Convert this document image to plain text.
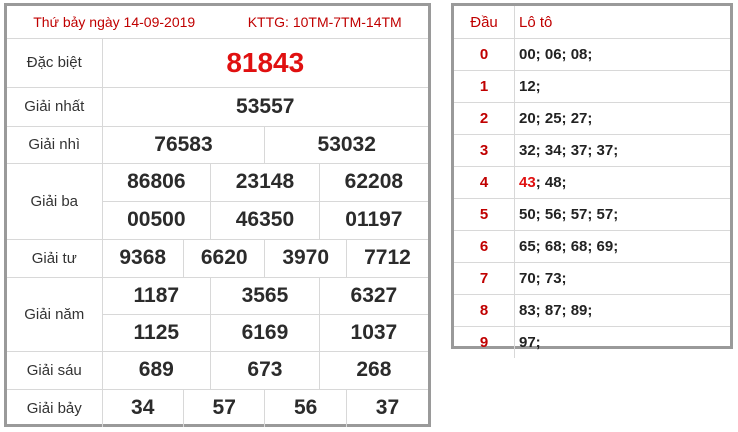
Thứ bảy ngày 14-09-2019	KTTG: 10TM-7TM-14TM
Đặc biệt	81843					
Giải nhất	53557					
Giải nhì	76583			53032		
Giải ba	86806		23148		62208	
	00500		46350		01197	
Giải tư	9368	6620		3970		7712
Giải năm	1187		3565		6327	
	1125		6169		1037	
Giải sáu	689		673		268	
Giải bảy	34	57		56		37
Đầu	Lô tô
0	00; 06; 08;
1	12;
2	20; 25; 27;
3	32; 34; 37; 37;
4	43; 48;
5	50; 56; 57; 57;
6	65; 68; 68; 69;
7	70; 73;
8	83; 87; 89;
9	97;
